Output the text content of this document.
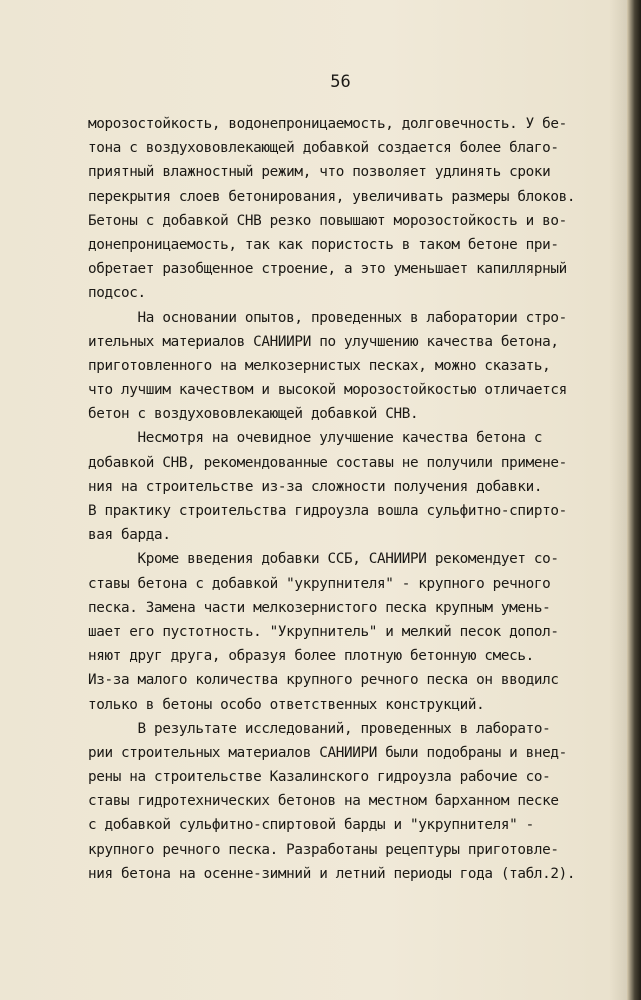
56

морозостойкость, водонепроницаемость, долговечность. У бе-
тона с воздухововлекающей добавкой создается более благо-
приятный влажностный режим, что позволяет удлинять сроки
перекрытия слоев бетонирования, увеличивать размеры блоков.
Бетоны с добавкой СНВ резко повышают морозостойкость и во-
донепроницаемость, так как пористость в таком бетоне при-
обретает разобщенное строение, а это уменьшает капиллярный
подсос.
На основании опытов, проведенных в лаборатории стро-
ительных материалов САНИИРИ по улучшению качества бетона,
приготовленного на мелкозернистых песках, можно сказать,
что лучшим качеством и высокой морозостойкостью отличается
бетон с воздухововлекающей добавкой СНВ.
Несмотря на очевидное улучшение качества бетона с
добавкой СНВ, рекомендованные составы не получили примене-
ния на строительстве из-за сложности получения добавки.
В практику строительства гидроузла вошла сульфитно-спирто-
вая барда.
Кроме введения добавки ССБ, САНИИРИ рекомендует со-
ставы бетона с добавкой "укрупнителя" - крупного речного
песка. Замена части мелкозернистого песка крупным умень-
шает его пустотность. "Укрупнитель" и мелкий песок допол-
няют друг друга, образуя более плотную бетонную смесь.
Из-за малого количества крупного речного песка он вводилс
только в бетоны особо ответственных конструкций.
В результате исследований, проведенных в лаборато-
рии строительных материалов САНИИРИ были подобраны и внед-
рены на строительстве Казалинского гидроузла рабочие со-
ставы гидротехнических бетонов на местном барханном песке
с добавкой сульфитно-спиртовой барды и "укрупнителя" -
крупного речного песка. Разработаны рецептуры приготовле-
ния бетона на осенне-зимний и летний периоды года (табл.2).
